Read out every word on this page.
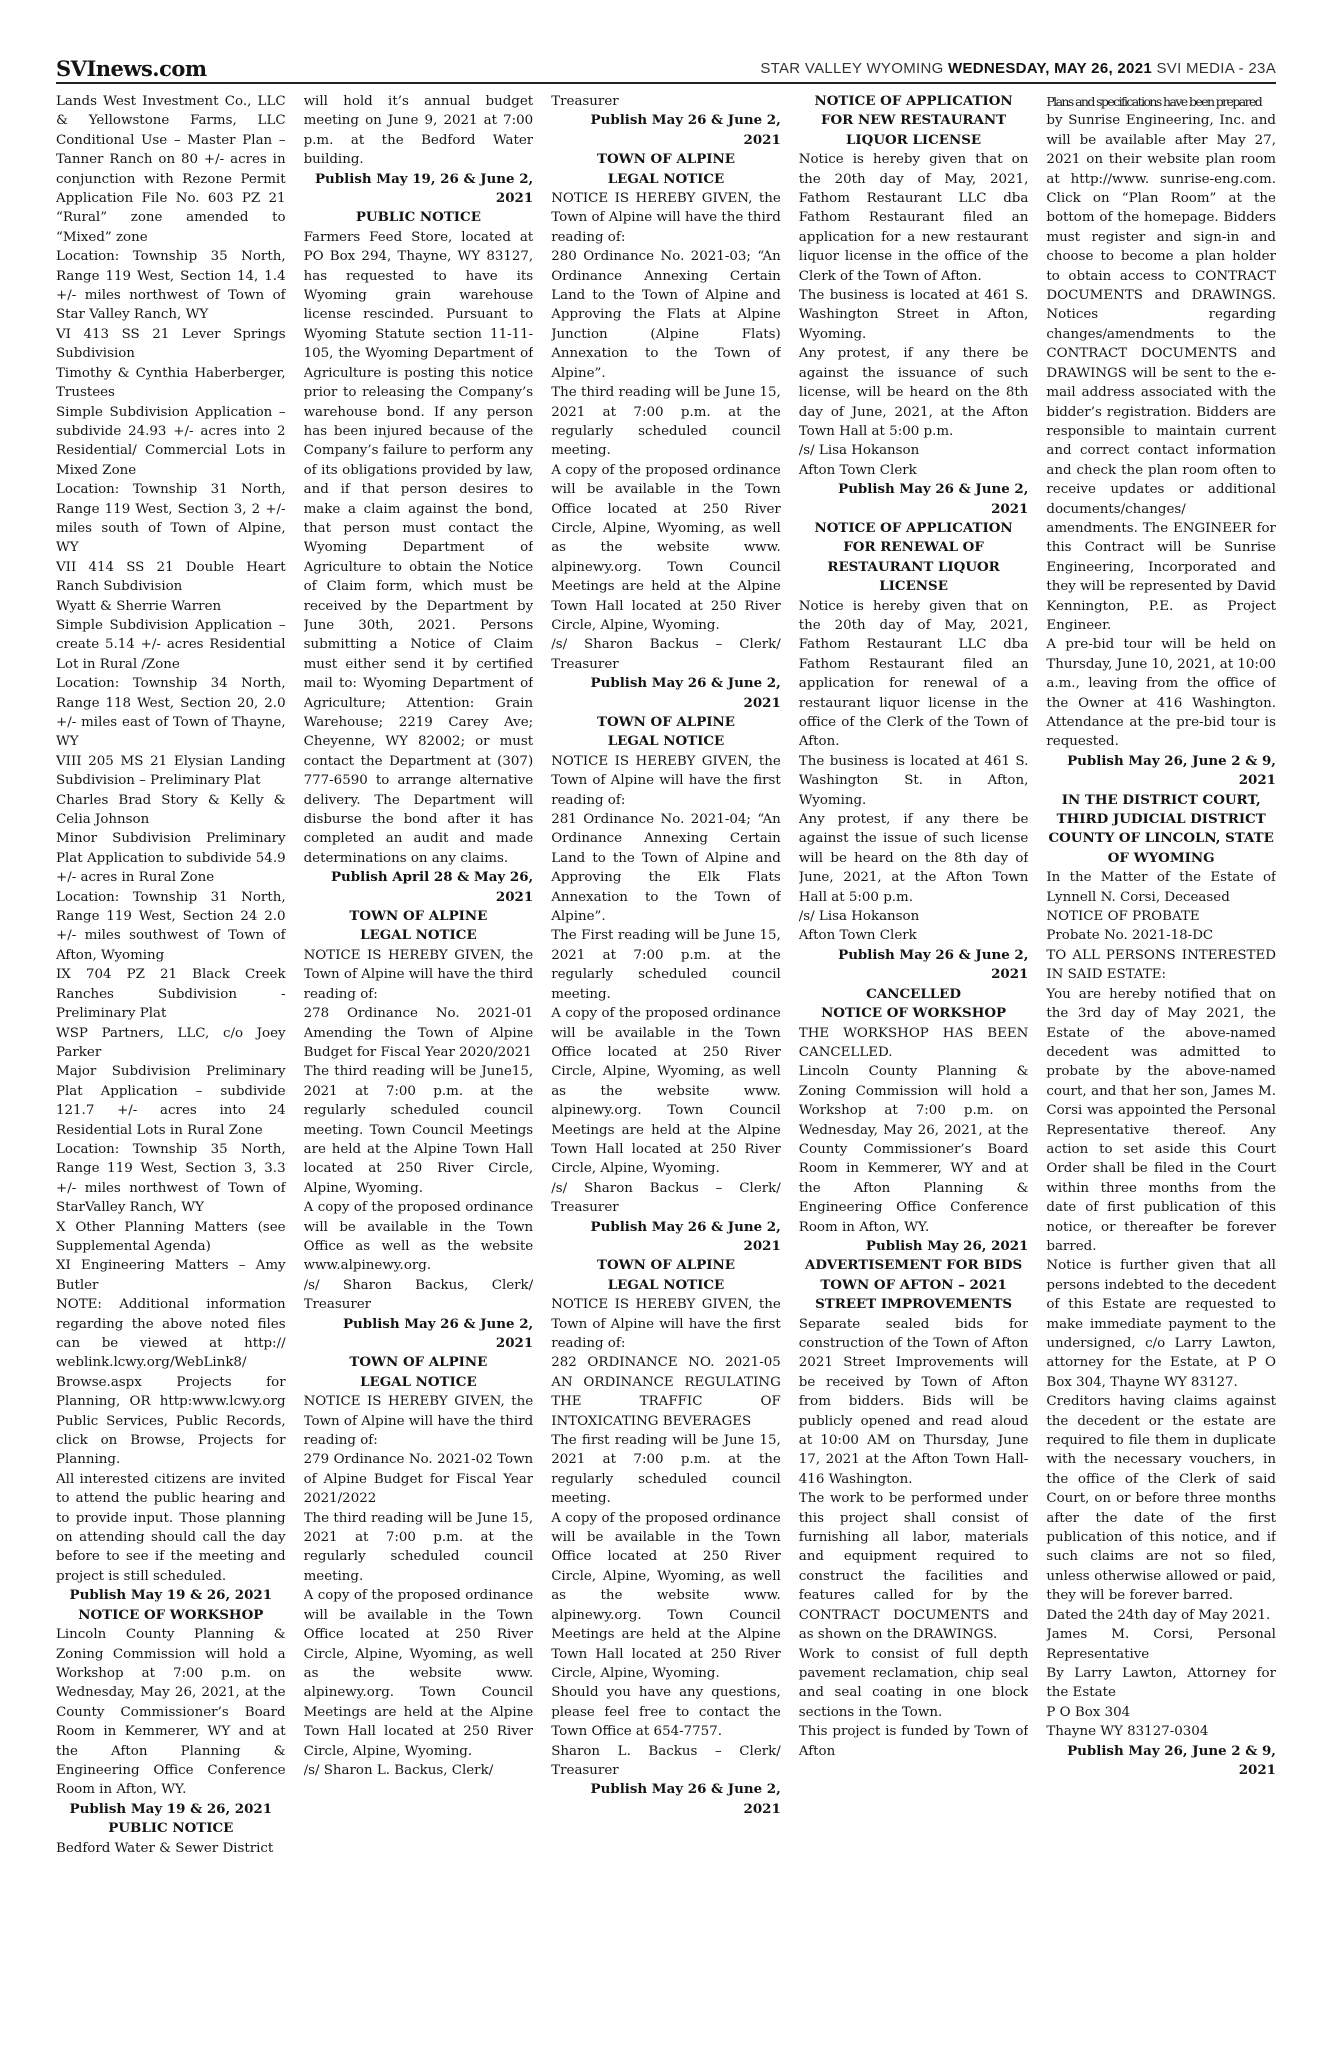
SVInews.com	STAR VALLEY WYOMING WEDNESDAY, MAY 26, 2021 SVI MEDIA - 23A

Lands West Investment Co., LLC & Yellowstone Farms, LLC Conditional Use – Master Plan – Tanner Ranch on 80 +/- acres in conjunction with Rezone Permit Application File No. 603 PZ 21 “Rural” zone amended to “Mixed” zone

Location: Township 35 North, Range 119 West, Section 14, 1.4 +/- miles northwest of Town of Star Valley Ranch, WY

VI 413 SS 21 Lever Springs Subdivision

Timothy & Cynthia Haberberger, Trustees

Simple Subdivision Application – subdivide 24.93 +/- acres into 2 Residential/ Commercial Lots in Mixed Zone

Location: Township 31 North, Range 119 West, Section 3, 2 +/- miles south of Town of Alpine, WY

VII 414 SS 21 Double Heart Ranch Subdivision

Wyatt & Sherrie Warren

Simple Subdivision Application – create 5.14 +/- acres Residential Lot in Rural /Zone

Location: Township 34 North, Range 118 West, Section 20, 2.0 +/- miles east of Town of Thayne, WY

VIII 205 MS 21 Elysian Landing Subdivision – Preliminary Plat

Charles Brad Story & Kelly & Celia Johnson

Minor Subdivision Preliminary Plat Application to subdivide 54.9 +/- acres in Rural Zone

Location: Township 31 North, Range 119 West, Section 24 2.0 +/- miles southwest of Town of Afton, Wyoming

IX 704 PZ 21 Black Creek Ranches Subdivision - Preliminary Plat

WSP Partners, LLC, c/o Joey Parker

Major Subdivision Preliminary Plat Application – subdivide 121.7 +/- acres into 24 Residential Lots in Rural Zone

Location: Township 35 North, Range 119 West, Section 3, 3.3 +/- miles northwest of Town of StarValley Ranch, WY

X Other Planning Matters (see Supplemental Agenda)

XI Engineering Matters – Amy Butler

NOTE: Additional information regarding the above noted files can be viewed at http:// weblink.lcwy.org/WebLink8/ Browse.aspx Projects for Planning, OR http:www.lcwy.org Public Services, Public Records, click on Browse, Projects for Planning.

All interested citizens are invited to attend the public hearing and to provide input. Those planning on attending should call the day before to see if the meeting and project is still scheduled.

Publish May 19 & 26, 2021

NOTICE OF WORKSHOP

Lincoln County Planning & Zoning Commission will hold a Workshop at 7:00 p.m. on Wednesday, May 26, 2021, at the County Commissioner’s Board Room in Kemmerer, WY and at the Afton Planning & Engineering Office Conference Room in Afton, WY.

Publish May 19 & 26, 2021

PUBLIC NOTICE

Bedford Water & Sewer District

will hold it’s annual budget meeting on June 9, 2021 at 7:00 p.m. at the Bedford Water building.

Publish May 19, 26 & June 2, 2021

PUBLIC NOTICE

Farmers Feed Store, located at PO Box 294, Thayne, WY 83127, has requested to have its Wyoming grain warehouse license rescinded. Pursuant to Wyoming Statute section 11-11-105, the Wyoming Department of Agriculture is posting this notice prior to releasing the Company’s warehouse bond. If any person has been injured because of the Company’s failure to perform any of its obligations provided by law, and if that person desires to make a claim against the bond, that person must contact the Wyoming Department of Agriculture to obtain the Notice of Claim form, which must be received by the Department by June 30th, 2021. Persons submitting a Notice of Claim must either send it by certified mail to: Wyoming Department of Agriculture; Attention: Grain Warehouse; 2219 Carey Ave; Cheyenne, WY 82002; or must contact the Department at (307) 777-6590 to arrange alternative delivery. The Department will disburse the bond after it has completed an audit and made determinations on any claims.

Publish April 28 & May 26, 2021

TOWN OF ALPINE

LEGAL NOTICE

NOTICE IS HEREBY GIVEN, the Town of Alpine will have the third reading of:

278 Ordinance No. 2021-01 Amending the Town of Alpine Budget for Fiscal Year 2020/2021

The third reading will be June15, 2021 at 7:00 p.m. at the regularly scheduled council meeting. Town Council Meetings are held at the Alpine Town Hall located at 250 River Circle, Alpine, Wyoming.

A copy of the proposed ordinance will be available in the Town Office as well as the website www.alpinewy.org.

/s/ Sharon Backus, Clerk/ Treasurer

Publish May 26 & June 2, 2021

TOWN OF ALPINE

LEGAL NOTICE

NOTICE IS HEREBY GIVEN, the Town of Alpine will have the third reading of:

279 Ordinance No. 2021-02 Town of Alpine Budget for Fiscal Year 2021/2022

The third reading will be June 15, 2021 at 7:00 p.m. at the regularly scheduled council meeting.

A copy of the proposed ordinance will be available in the Town Office located at 250 River Circle, Alpine, Wyoming, as well as the website www. alpinewy.org. Town Council Meetings are held at the Alpine Town Hall located at 250 River Circle, Alpine, Wyoming.

/s/ Sharon L. Backus, Clerk/

Treasurer

Publish May 26 & June 2, 2021

TOWN OF ALPINE

LEGAL NOTICE

NOTICE IS HEREBY GIVEN, the Town of Alpine will have the third reading of:

280 Ordinance No. 2021-03; “An Ordinance Annexing Certain Land to the Town of Alpine and Approving the Flats at Alpine Junction (Alpine Flats) Annexation to the Town of Alpine”.

The third reading will be June 15, 2021 at 7:00 p.m. at the regularly scheduled council meeting.

A copy of the proposed ordinance will be available in the Town Office located at 250 River Circle, Alpine, Wyoming, as well as the website www. alpinewy.org. Town Council Meetings are held at the Alpine Town Hall located at 250 River Circle, Alpine, Wyoming.

/s/ Sharon Backus – Clerk/ Treasurer

Publish May 26 & June 2, 2021

TOWN OF ALPINE

LEGAL NOTICE

NOTICE IS HEREBY GIVEN, the Town of Alpine will have the first reading of:

281 Ordinance No. 2021-04; “An Ordinance Annexing Certain Land to the Town of Alpine and Approving the Elk Flats Annexation to the Town of Alpine”.

The First reading will be June 15, 2021 at 7:00 p.m. at the regularly scheduled council meeting.

A copy of the proposed ordinance will be available in the Town Office located at 250 River Circle, Alpine, Wyoming, as well as the website www. alpinewy.org. Town Council Meetings are held at the Alpine Town Hall located at 250 River Circle, Alpine, Wyoming.

/s/ Sharon Backus – Clerk/ Treasurer

Publish May 26 & June 2, 2021

TOWN OF ALPINE

LEGAL NOTICE

NOTICE IS HEREBY GIVEN, the Town of Alpine will have the first reading of:

282 ORDINANCE NO. 2021-05 AN ORDINANCE REGULATING THE TRAFFIC OF INTOXICATING BEVERAGES

The first reading will be June 15, 2021 at 7:00 p.m. at the regularly scheduled council meeting.

A copy of the proposed ordinance will be available in the Town Office located at 250 River Circle, Alpine, Wyoming, as well as the website www. alpinewy.org. Town Council Meetings are held at the Alpine Town Hall located at 250 River Circle, Alpine, Wyoming.

Should you have any questions, please feel free to contact the Town Office at 654-7757.

Sharon L. Backus – Clerk/ Treasurer

Publish May 26 & June 2, 2021

NOTICE OF APPLICATION

FOR NEW RESTAURANT

LIQUOR LICENSE

Notice is hereby given that on the 20th day of May, 2021, Fathom Restaurant LLC dba Fathom Restaurant filed an application for a new restaurant liquor license in the office of the Clerk of the Town of Afton.

The business is located at 461 S. Washington Street in Afton, Wyoming.

Any protest, if any there be against the issuance of such license, will be heard on the 8th day of June, 2021, at the Afton Town Hall at 5:00 p.m.

/s/ Lisa Hokanson

Afton Town Clerk

Publish May 26 & June 2, 2021

NOTICE OF APPLICATION

FOR RENEWAL OF

RESTAURANT LIQUOR

LICENSE

Notice is hereby given that on the 20th day of May, 2021, Fathom Restaurant LLC dba Fathom Restaurant filed an application for renewal of a restaurant liquor license in the office of the Clerk of the Town of Afton.

The business is located at 461 S. Washington St. in Afton, Wyoming.

Any protest, if any there be against the issue of such license will be heard on the 8th day of June, 2021, at the Afton Town Hall at 5:00 p.m.

/s/ Lisa Hokanson

Afton Town Clerk

Publish May 26 & June 2, 2021

CANCELLED

NOTICE OF WORKSHOP

THE WORKSHOP HAS BEEN CANCELLED.

Lincoln County Planning & Zoning Commission will hold a Workshop at 7:00 p.m. on Wednesday, May 26, 2021, at the County Commissioner’s Board Room in Kemmerer, WY and at the Afton Planning & Engineering Office Conference Room in Afton, WY.

Publish May 26, 2021

ADVERTISEMENT FOR BIDS

TOWN OF AFTON – 2021

STREET IMPROVEMENTS

Separate sealed bids for construction of the Town of Afton 2021 Street Improvements will be received by Town of Afton from bidders. Bids will be publicly opened and read aloud at 10:00 AM on Thursday, June 17, 2021 at the Afton Town Hall-416 Washington.

The work to be performed under this project shall consist of furnishing all labor, materials and equipment required to construct the facilities and features called for by the CONTRACT DOCUMENTS and as shown on the DRAWINGS.

Work to consist of full depth pavement reclamation, chip seal and seal coating in one block sections in the Town.

This project is funded by Town of Afton

Plans and specifications have been prepared

by Sunrise Engineering, Inc. and will be available after May 27, 2021 on their website plan room at http://www. sunrise-eng.com. Click on “Plan Room” at the bottom of the homepage. Bidders must register and sign-in and choose to become a plan holder to obtain access to CONTRACT DOCUMENTS and DRAWINGS. Notices regarding changes/amendments to the CONTRACT DOCUMENTS and DRAWINGS will be sent to the e-mail address associated with the bidder’s registration. Bidders are responsible to maintain current and correct contact information and check the plan room often to receive updates or additional documents/changes/ amendments. The ENGINEER for this Contract will be Sunrise Engineering, Incorporated and they will be represented by David Kennington, P.E. as Project Engineer.

A pre-bid tour will be held on Thursday, June 10, 2021, at 10:00 a.m., leaving from the office of the Owner at 416 Washington. Attendance at the pre-bid tour is requested.

Publish May 26, June 2 & 9, 2021

IN THE DISTRICT COURT,

THIRD JUDICIAL DISTRICT

COUNTY OF LINCOLN, STATE

OF WYOMING

In the Matter of the Estate of Lynnell N. Corsi, Deceased

NOTICE OF PROBATE

Probate No. 2021-18-DC

TO ALL PERSONS INTERESTED IN SAID ESTATE:

You are hereby notified that on the 3rd day of May 2021, the Estate of the above-named decedent was admitted to probate by the above-named court, and that her son, James M. Corsi was appointed the Personal Representative thereof. Any action to set aside this Court Order shall be filed in the Court within three months from the date of first publication of this notice, or thereafter be forever barred.

Notice is further given that all persons indebted to the decedent of this Estate are requested to make immediate payment to the undersigned, c/o Larry Lawton, attorney for the Estate, at P O Box 304, Thayne WY 83127.

Creditors having claims against the decedent or the estate are required to file them in duplicate with the necessary vouchers, in the office of the Clerk of said Court, on or before three months after the date of the first publication of this notice, and if such claims are not so filed, unless otherwise allowed or paid, they will be forever barred.

Dated the 24th day of May 2021.

James M. Corsi, Personal Representative

By Larry Lawton, Attorney for the Estate

P O Box 304

Thayne WY 83127-0304

Publish May 26, June 2 & 9, 2021
